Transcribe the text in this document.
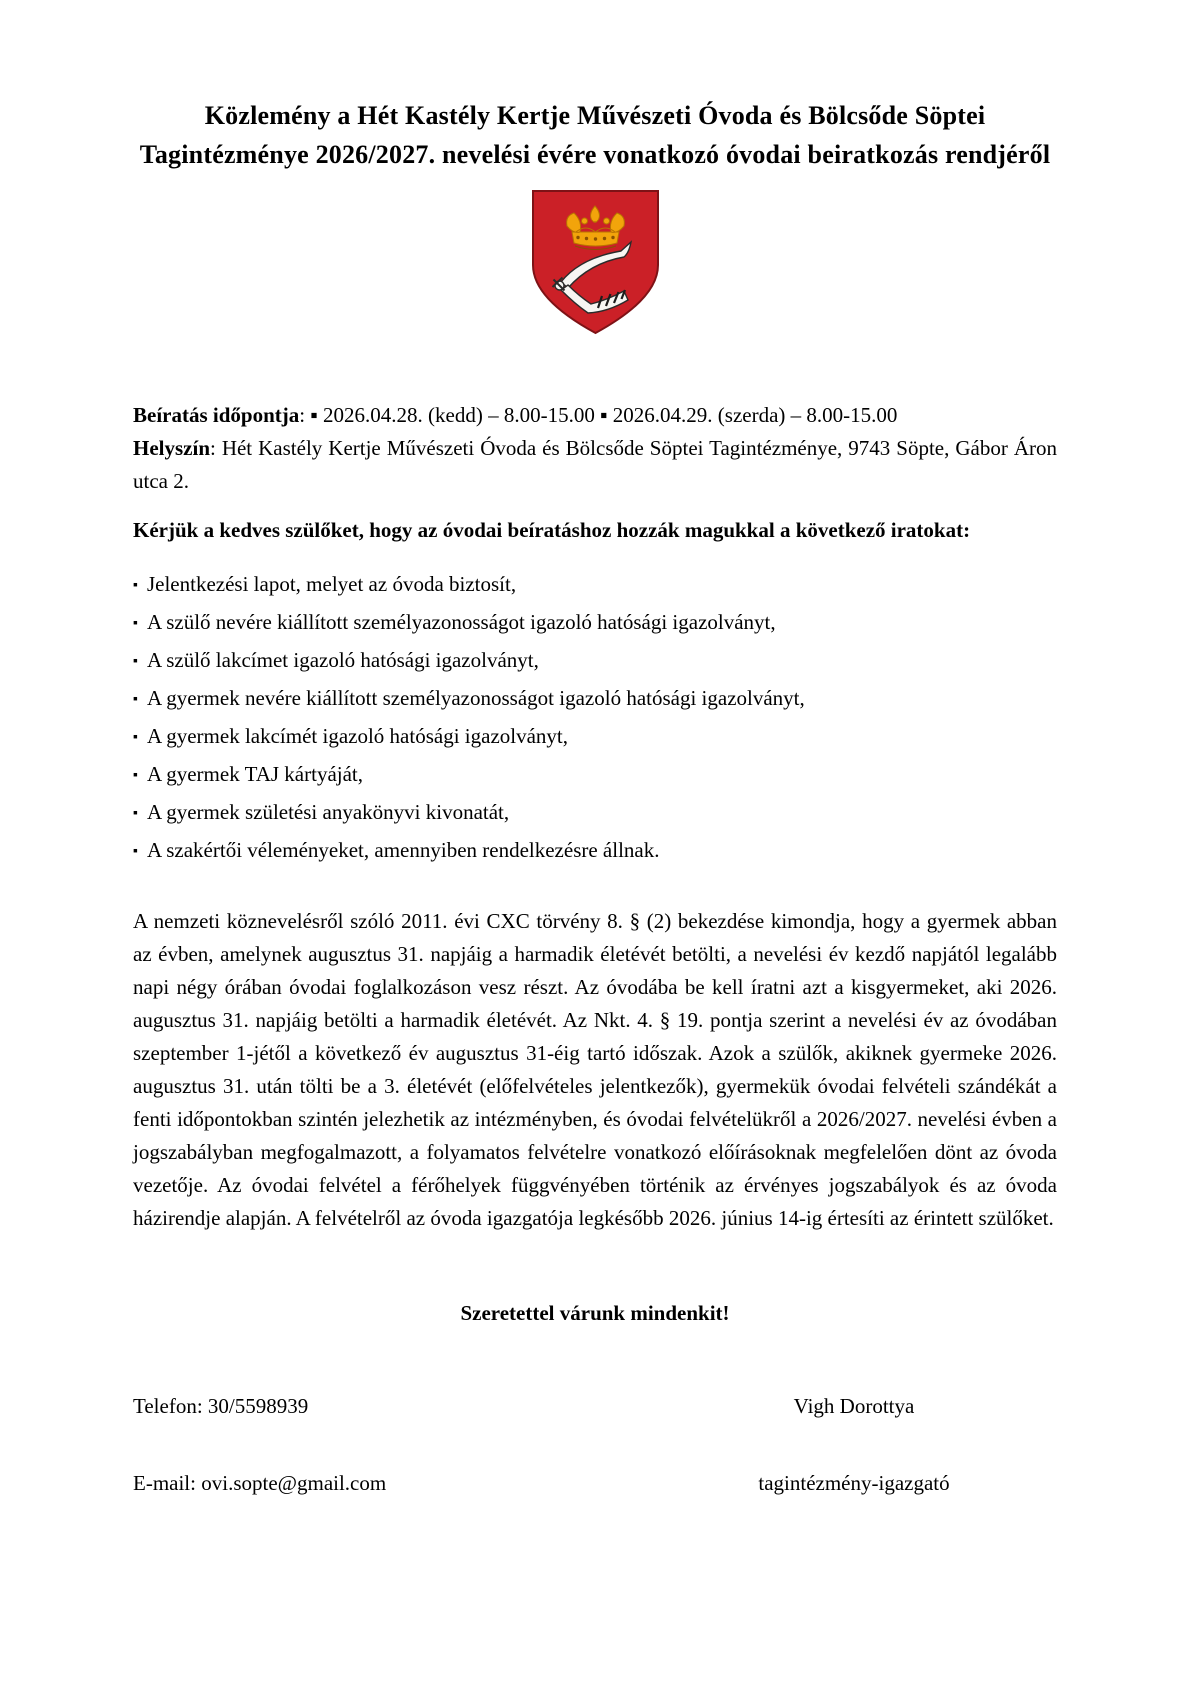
Közlemény a Hét Kastély Kertje Művészeti Óvoda és Bölcsőde Söptei
Tagintézménye 2026/2027. nevelési évére vonatkozó óvodai beiratkozás rendjéről

Beíratás időpontja: ▪ 2026.04.28. (kedd) – 8.00-15.00 ▪ 2026.04.29. (szerda) – 8.00-15.00

Helyszín: Hét Kastély Kertje Művészeti Óvoda és Bölcsőde Söptei Tagintézménye, 9743 Söpte, Gábor Áron utca 2.

Kérjük a kedves szülőket, hogy az óvodai beíratáshoz hozzák magukkal a következő iratokat:

▪ Jelentkezési lapot, melyet az óvoda biztosít,
▪ A szülő nevére kiállított személyazonosságot igazoló hatósági igazolványt,
▪ A szülő lakcímet igazoló hatósági igazolványt,
▪ A gyermek nevére kiállított személyazonosságot igazoló hatósági igazolványt,
▪ A gyermek lakcímét igazoló hatósági igazolványt,
▪ A gyermek TAJ kártyáját,
▪ A gyermek születési anyakönyvi kivonatát,
▪ A szakértői véleményeket, amennyiben rendelkezésre állnak.

A nemzeti köznevelésről szóló 2011. évi CXC törvény 8. § (2) bekezdése kimondja, hogy a gyermek abban az évben, amelynek augusztus 31. napjáig a harmadik életévét betölti, a nevelési év kezdő napjától legalább napi négy órában óvodai foglalkozáson vesz részt. Az óvodába be kell íratni azt a kisgyermeket, aki 2026. augusztus 31. napjáig betölti a harmadik életévét. Az Nkt. 4. § 19. pontja szerint a nevelési év az óvodában szeptember 1-jétől a következő év augusztus 31-éig tartó időszak. Azok a szülők, akiknek gyermeke 2026. augusztus 31. után tölti be a 3. életévét (előfelvételes jelentkezők), gyermekük óvodai felvételi szándékát a fenti időpontokban szintén jelezhetik az intézményben, és óvodai felvételükről a 2026/2027. nevelési évben a jogszabályban megfogalmazott, a folyamatos felvételre vonatkozó előírásoknak megfelelően dönt az óvoda vezetője. Az óvodai felvétel a férőhelyek függvényében történik az érvényes jogszabályok és az óvoda házirendje alapján. A felvételről az óvoda igazgatója legkésőbb 2026. június 14-ig értesíti az érintett szülőket.

Szeretettel várunk mindenkit!

Telefon: 30/5598939	Vigh Dorottya
E-mail: ovi.sopte@gmail.com	tagintézmény-igazgató
